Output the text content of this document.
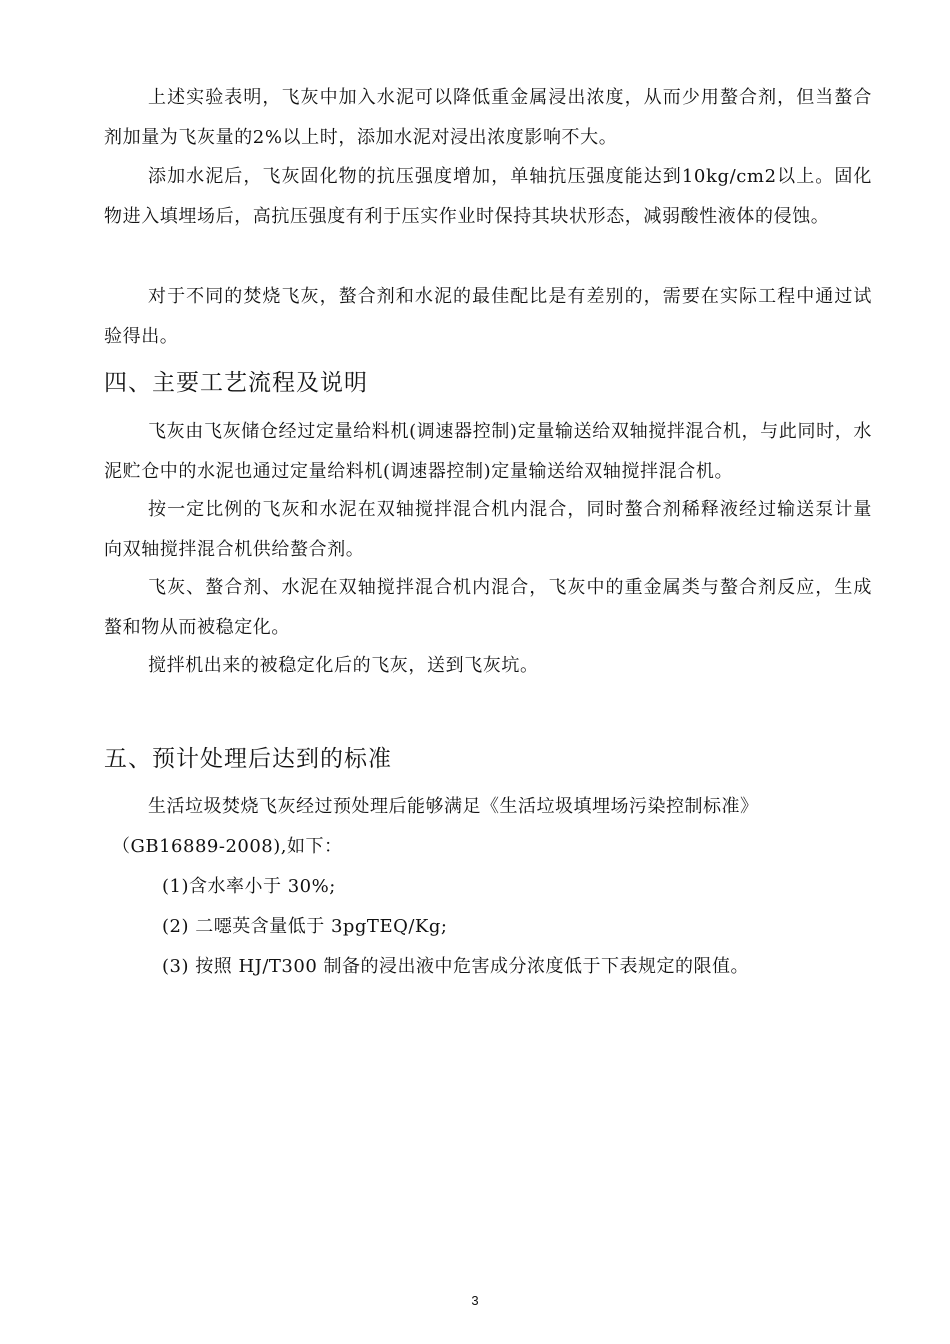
上述实验表明，飞灰中加入水泥可以降低重金属浸出浓度，从而少用螯合剂，但当螯合剂加量为飞灰量的2%以上时，添加水泥对浸出浓度影响不大。

添加水泥后，飞灰固化物的抗压强度增加，单轴抗压强度能达到10kg/cm2以上。固化物进入填埋场后，高抗压强度有利于压实作业时保持其块状形态，减弱酸性液体的侵蚀。

对于不同的焚烧飞灰，螯合剂和水泥的最佳配比是有差别的，需要在实际工程中通过试验得出。

四、主要工艺流程及说明

飞灰由飞灰储仓经过定量给料机(调速器控制)定量输送给双轴搅拌混合机，与此同时，水泥贮仓中的水泥也通过定量给料机(调速器控制)定量输送给双轴搅拌混合机。

按一定比例的飞灰和水泥在双轴搅拌混合机内混合，同时螯合剂稀释液经过输送泵计量向双轴搅拌混合机供给螯合剂。

飞灰、螯合剂、水泥在双轴搅拌混合机内混合，飞灰中的重金属类与螯合剂反应，生成螯和物从而被稳定化。

搅拌机出来的被稳定化后的飞灰，送到飞灰坑。

五、预计处理后达到的标准

生活垃圾焚烧飞灰经过预处理后能够满足《生活垃圾填埋场污染控制标准》

（GB16889-2008),如下：

(1)含水率小于 30%;

(2) 二噁英含量低于 3pgTEQ/Kg;

(3) 按照 HJ/T300 制备的浸出液中危害成分浓度低于下表规定的限值。

3
